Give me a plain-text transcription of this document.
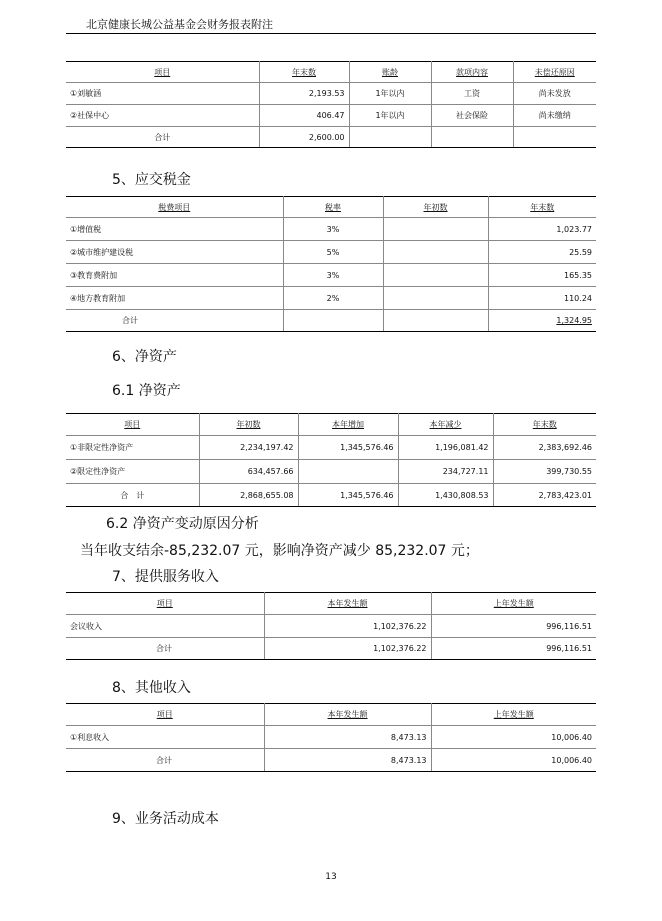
北京健康长城公益基金会财务报表附注
项目	年末数	账龄	款项内容	未偿还原因
①刘敏涵	2,193.53	1年以内	工资	尚未发放
②社保中心	406.47	1年以内	社会保险	尚未缴纳
合计	2,600.00			
5、应交税金
税费项目	税率	年初数	年末数
①增值税	3%		1,023.77
②城市维护建设税	5%		25.59
③教育费附加	3%		165.35
④地方教育附加	2%		110.24
合计			1,324.95
6、净资产
6.1 净资产
项目	年初数	本年增加	本年减少	年末数
①非限定性净资产	2,234,197.42	1,345,576.46	1,196,081.42	2,383,692.46
②限定性净资产	634,457.66		234,727.11	399,730.55
合　计	2,868,655.08	1,345,576.46	1,430,808.53	2,783,423.01
6.2 净资产变动原因分析
当年收支结余-85,232.07 元，影响净资产减少 85,232.07 元；
7、提供服务收入
项目	本年发生额	上年发生额
会议收入	1,102,376.22	996,116.51
合计	1,102,376.22	996,116.51
8、其他收入
项目	本年发生额	上年发生额
①利息收入	8,473.13	10,006.40
合计	8,473.13	10,006.40
9、业务活动成本
13
